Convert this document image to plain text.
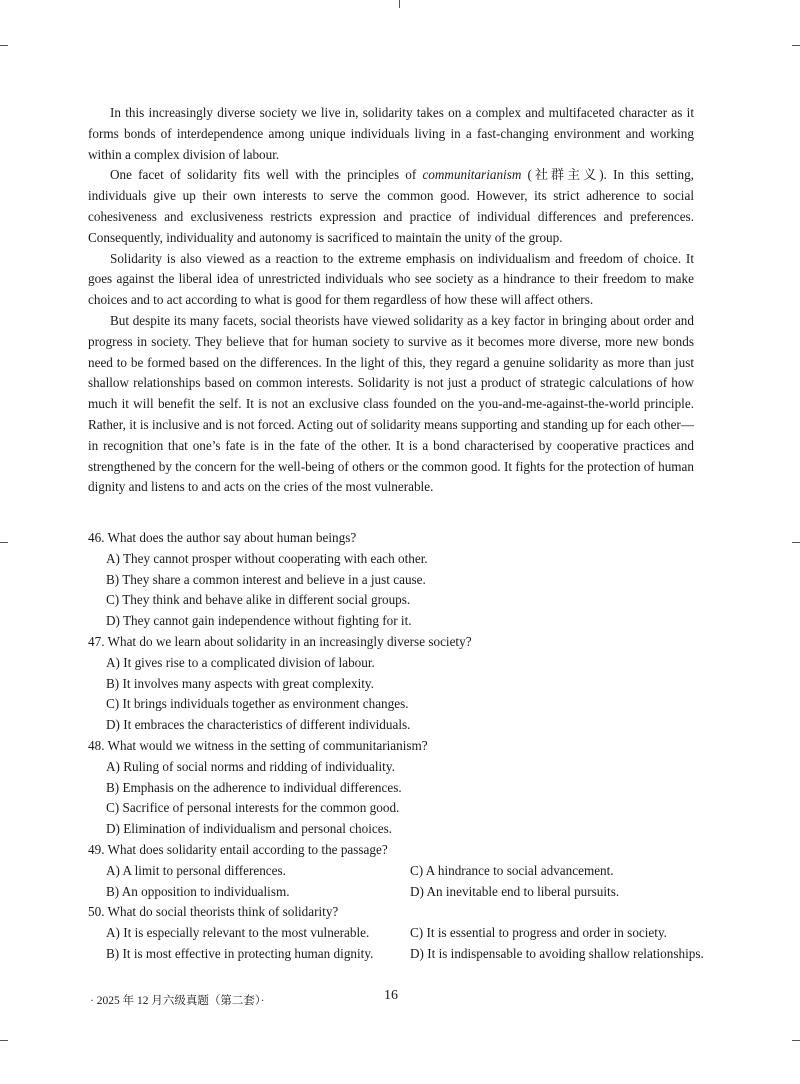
In this increasingly diverse society we live in, solidarity takes on a complex and multifaceted character as it forms bonds of interdependence among unique individuals living in a fast-changing environment and working within a complex division of labour.

One facet of solidarity fits well with the principles of communitarianism (社群主义). In this setting, individuals give up their own interests to serve the common good. However, its strict adherence to social cohesiveness and exclusiveness restricts expression and practice of individual differences and preferences. Consequently, individuality and autonomy is sacrificed to maintain the unity of the group.

Solidarity is also viewed as a reaction to the extreme emphasis on individualism and freedom of choice. It goes against the liberal idea of unrestricted individuals who see society as a hindrance to their freedom to make choices and to act according to what is good for them regardless of how these will affect others.

But despite its many facets, social theorists have viewed solidarity as a key factor in bringing about order and progress in society. They believe that for human society to survive as it becomes more diverse, more new bonds need to be formed based on the differences. In the light of this, they regard a genuine solidarity as more than just shallow relationships based on common interests. Solidarity is not just a product of strategic calculations of how much it will benefit the self. It is not an exclusive class founded on the you-and-me-against-the-world principle. Rather, it is inclusive and is not forced. Acting out of solidarity means supporting and standing up for each other—in recognition that one’s fate is in the fate of the other. It is a bond characterised by cooperative practices and strengthened by the concern for the well-being of others or the common good. It fights for the protection of human dignity and listens to and acts on the cries of the most vulnerable.

46. What does the author say about human beings?
A) They cannot prosper without cooperating with each other.
B) They share a common interest and believe in a just cause.
C) They think and behave alike in different social groups.
D) They cannot gain independence without fighting for it.
47. What do we learn about solidarity in an increasingly diverse society?
A) It gives rise to a complicated division of labour.
B) It involves many aspects with great complexity.
C) It brings individuals together as environment changes.
D) It embraces the characteristics of different individuals.
48. What would we witness in the setting of communitarianism?
A) Ruling of social norms and ridding of individuality.
B) Emphasis on the adherence to individual differences.
C) Sacrifice of personal interests for the common good.
D) Elimination of individualism and personal choices.
49. What does solidarity entail according to the passage?
A) A limit to personal differences.	C) A hindrance to social advancement.
B) An opposition to individualism.	D) An inevitable end to liberal pursuits.
50. What do social theorists think of solidarity?
A) It is especially relevant to the most vulnerable.	C) It is essential to progress and order in society.
B) It is most effective in protecting human dignity.	D) It is indispensable to avoiding shallow relationships.
· 2025 年 12 月六级真题（第二套）·	16
